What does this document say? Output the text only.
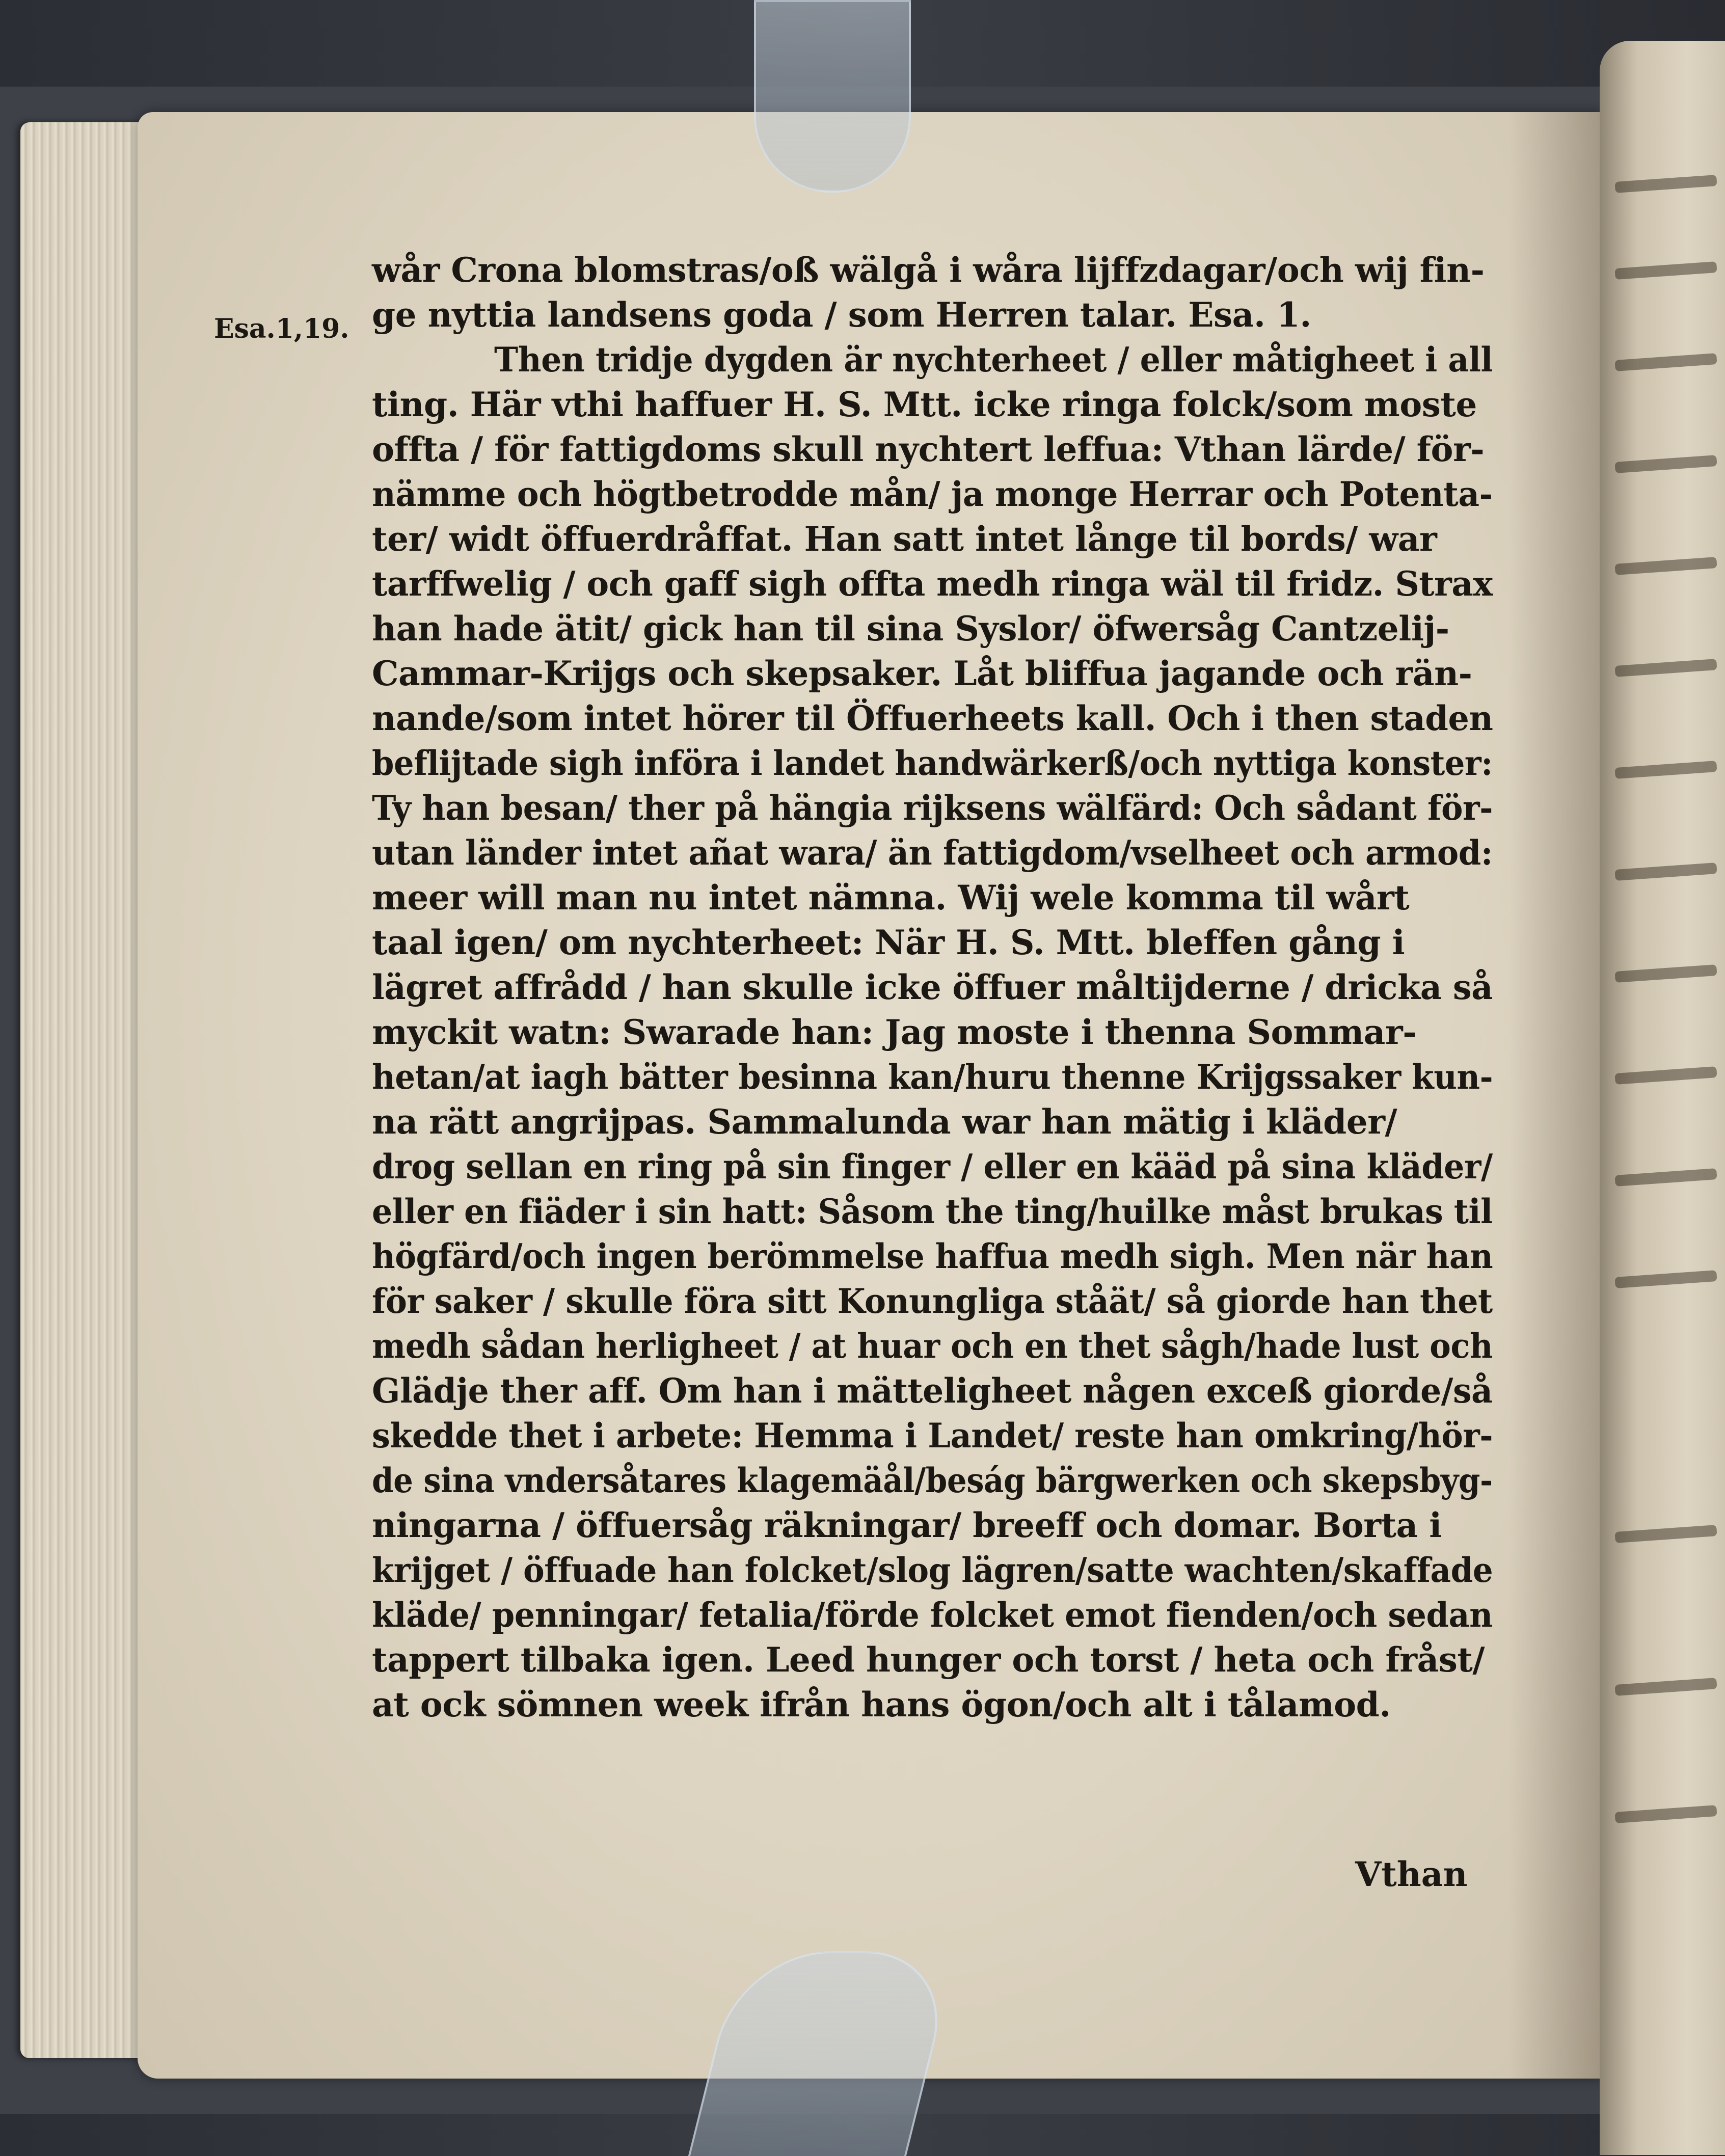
Esa.1,19.
wår Crona blomstras/oß wälgå i wåra lijffzdagar/och wij fin-
ge nyttia landsens goda / som Herren talar. Esa. 1.
Then tridje dygden är nychterheet / eller måtigheet i all
ting. Här vthi haffuer H. S. Mtt. icke ringa folck/som moste
offta / för fattigdoms skull nychtert leffua: Vthan lärde/ för-
nämme och högtbetrodde mån/ ja monge Herrar och Potenta-
ter/ widt öffuerdråffat. Han satt intet långe til bords/ war
tarffwelig / och gaff sigh offta medh ringa wäl til fridz. Strax
han hade ätit/ gick han til sina Syslor/ öfwersåg Cantzelij-
Cammar-Krijgs och skepsaker. Låt bliffua jagande och rän-
nande/som intet hörer til Öffuerheets kall. Och i then staden
beflijtade sigh införa i landet handwärkerß/och nyttiga konster:
Ty han besan/ ther på hängia rijksens wälfärd: Och sådant för-
utan länder intet añat wara/ än fattigdom/vselheet och armod:
meer will man nu intet nämna. Wij wele komma til wårt
taal igen/ om nychterheet: När H. S. Mtt. bleffen gång i
lägret affrådd / han skulle icke öffuer måltijderne / dricka så
myckit watn: Swarade han: Jag moste i thenna Sommar-
hetan/at iagh bätter besinna kan/huru thenne Krijgssaker kun-
na rätt angrijpas. Sammalunda war han mätig i kläder/
drog sellan en ring på sin finger / eller en kääd på sina kläder/
eller en fiäder i sin hatt: Såsom the ting/huilke måst brukas til
högfärd/och ingen berömmelse haffua medh sigh. Men när han
för saker / skulle föra sitt Konungliga ståät/ så giorde han thet
medh sådan herligheet / at huar och en thet sågh/hade lust och
Glädje ther aff. Om han i mätteligheet någen exceß giorde/så
skedde thet i arbete: Hemma i Landet/ reste han omkring/hör-
de sina vndersåtares klagemäål/beság bärgwerken och skepsbyg-
ningarna / öffuersåg räkningar/ breeff och domar. Borta i
krijget / öffuade han folcket/slog lägren/satte wachten/skaffade
kläde/ penningar/ fetalia/förde folcket emot fienden/och sedan
tappert tilbaka igen. Leed hunger och torst / heta och fråst/
at ock sömnen week ifrån hans ögon/och alt i tålamod.
Vthan
